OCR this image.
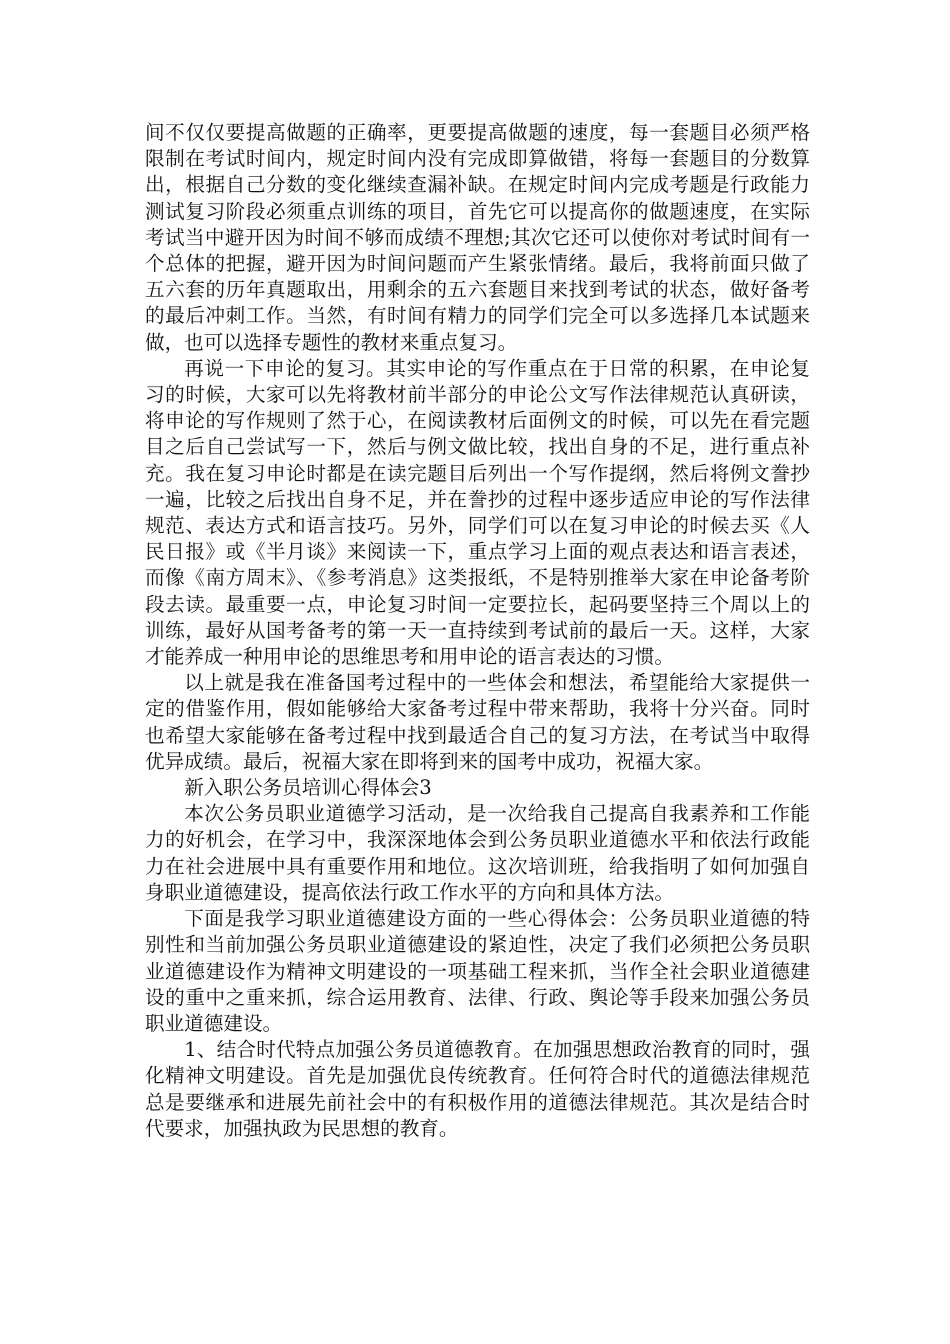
间不仅仅要提高做题的正确率，更要提高做题的速度，每一套题目必须严格限制在考试时间内，规定时间内没有完成即算做错，将每一套题目的分数算出，根据自己分数的变化继续查漏补缺。在规定时间内完成考题是行政能力测试复习阶段必须重点训练的项目，首先它可以提高你的做题速度，在实际考试当中避开因为时间不够而成绩不理想;其次它还可以使你对考试时间有一个总体的把握，避开因为时间问题而产生紧张情绪。最后，我将前面只做了五六套的历年真题取出，用剩余的五六套题目来找到考试的状态，做好备考的最后冲刺工作。当然，有时间有精力的同学们完全可以多选择几本试题来做，也可以选择专题性的教材来重点复习。

再说一下申论的复习。其实申论的写作重点在于日常的积累，在申论复习的时候，大家可以先将教材前半部分的申论公文写作法律规范认真研读，将申论的写作规则了然于心，在阅读教材后面例文的时候，可以先在看完题目之后自己尝试写一下，然后与例文做比较，找出自身的不足，进行重点补充。我在复习申论时都是在读完题目后列出一个写作提纲，然后将例文誊抄一遍，比较之后找出自身不足，并在誊抄的过程中逐步适应申论的写作法律规范、表达方式和语言技巧。另外，同学们可以在复习申论的时候去买《人民日报》或《半月谈》来阅读一下，重点学习上面的观点表达和语言表述，而像《南方周末》、《参考消息》这类报纸，不是特别推举大家在申论备考阶段去读。最重要一点，申论复习时间一定要拉长，起码要坚持三个周以上的训练，最好从国考备考的第一天一直持续到考试前的最后一天。这样，大家才能养成一种用申论的思维思考和用申论的语言表达的习惯。

以上就是我在准备国考过程中的一些体会和想法，希望能给大家提供一定的借鉴作用，假如能够给大家备考过程中带来帮助，我将十分兴奋。同时也希望大家能够在备考过程中找到最适合自己的复习方法，在考试当中取得优异成绩。最后，祝福大家在即将到来的国考中成功，祝福大家。

新入职公务员培训心得体会3

本次公务员职业道德学习活动，是一次给我自己提高自我素养和工作能力的好机会，在学习中，我深深地体会到公务员职业道德水平和依法行政能力在社会进展中具有重要作用和地位。这次培训班，给我指明了如何加强自身职业道德建设，提高依法行政工作水平的方向和具体方法。

下面是我学习职业道德建设方面的一些心得体会：公务员职业道德的特别性和当前加强公务员职业道德建设的紧迫性，决定了我们必须把公务员职业道德建设作为精神文明建设的一项基础工程来抓，当作全社会职业道德建设的重中之重来抓，综合运用教育、法律、行政、舆论等手段来加强公务员职业道德建设。

1、结合时代特点加强公务员道德教育。在加强思想政治教育的同时，强化精神文明建设。首先是加强优良传统教育。任何符合时代的道德法律规范总是要继承和进展先前社会中的有积极作用的道德法律规范。其次是结合时代要求，加强执政为民思想的教育。
